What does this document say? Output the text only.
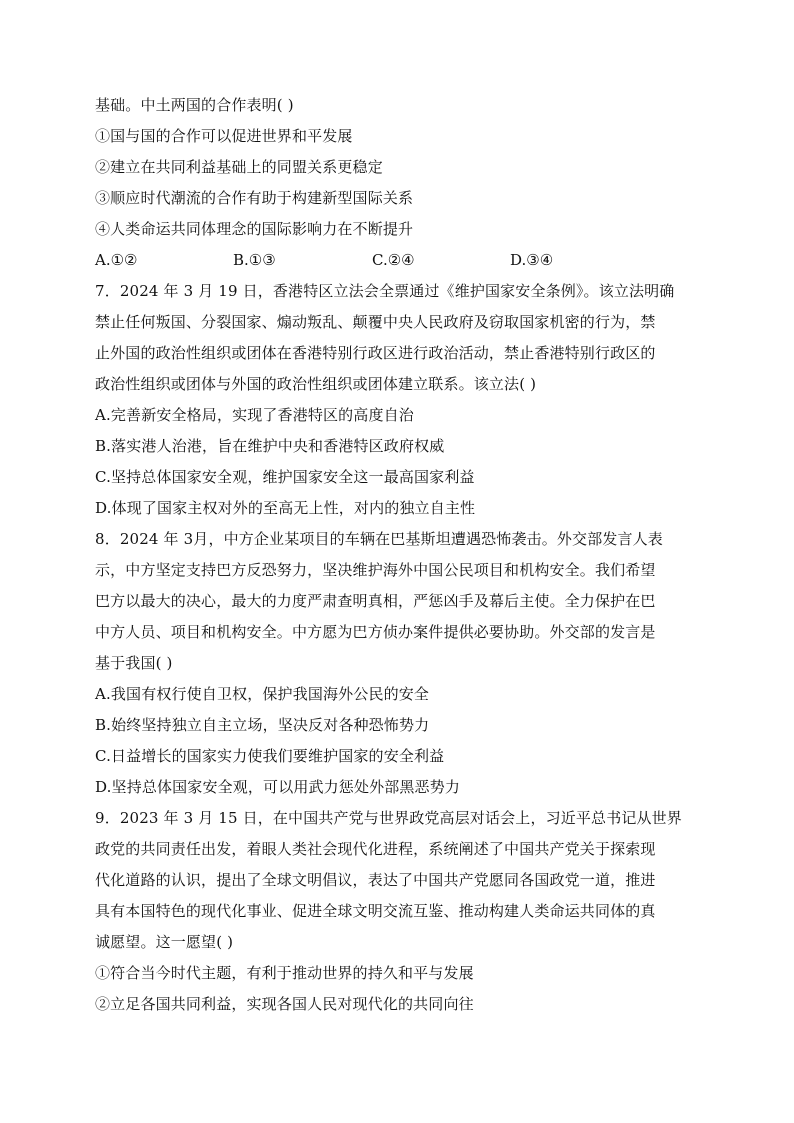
基础。中土两国的合作表明( )
①国与国的合作可以促进世界和平发展
②建立在共同利益基础上的同盟关系更稳定
③顺应时代潮流的合作有助于构建新型国际关系
④人类命运共同体理念的国际影响力在不断提升
A.①②	B.①③	C.②④	D.③④
7．2024 年 3 月 19 日，香港特区立法会全票通过《维护国家安全条例》。该立法明确
禁止任何叛国、分裂国家、煽动叛乱、颠覆中央人民政府及窃取国家机密的行为，禁
止外国的政治性组织或团体在香港特别行政区进行政治活动，禁止香港特别行政区的
政治性组织或团体与外国的政治性组织或团体建立联系。该立法( )
A.完善新安全格局，实现了香港特区的高度自治
B.落实港人治港，旨在维护中央和香港特区政府权威
C.坚持总体国家安全观，维护国家安全这一最高国家利益
D.体现了国家主权对外的至高无上性，对内的独立自主性
8．2024 年 3月，中方企业某项目的车辆在巴基斯坦遭遇恐怖袭击。外交部发言人表
示，中方坚定支持巴方反恐努力，坚决维护海外中国公民项目和机构安全。我们希望
巴方以最大的决心，最大的力度严肃查明真相，严惩凶手及幕后主使。全力保护在巴
中方人员、项目和机构安全。中方愿为巴方侦办案件提供必要协助。外交部的发言是
基于我国( )
A.我国有权行使自卫权，保护我国海外公民的安全
B.始终坚持独立自主立场，坚决反对各种恐怖势力
C.日益增长的国家实力使我们要维护国家的安全利益
D.坚持总体国家安全观，可以用武力惩处外部黑恶势力
9．2023 年 3 月 15 日，在中国共产党与世界政党高层对话会上，习近平总书记从世界
政党的共同责任出发，着眼人类社会现代化进程，系统阐述了中国共产党关于探索现
代化道路的认识，提出了全球文明倡议，表达了中国共产党愿同各国政党一道，推进
具有本国特色的现代化事业、促进全球文明交流互鉴、推动构建人类命运共同体的真
诚愿望。这一愿望( )
①符合当今时代主题，有利于推动世界的持久和平与发展
②立足各国共同利益，实现各国人民对现代化的共同向往
